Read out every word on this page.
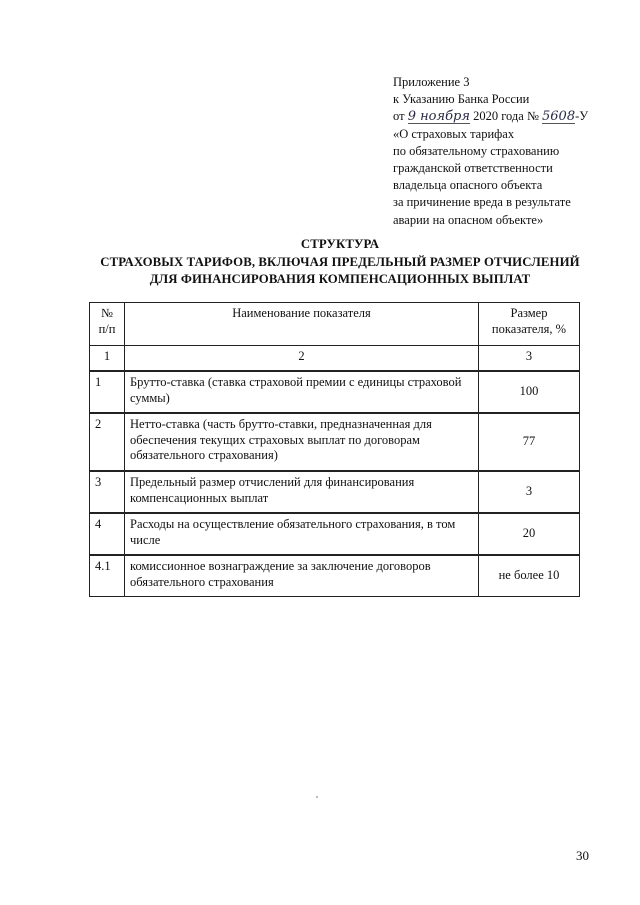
Приложение 3
к Указанию Банка России
от 9 ноября 2020 года № 5608-У
«О страховых тарифах
по обязательному страхованию
гражданской ответственности
владельца опасного объекта
за причинение вреда в результате
аварии на опасном объекте»
СТРУКТУРА
СТРАХОВЫХ ТАРИФОВ, ВКЛЮЧАЯ ПРЕДЕЛЬНЫЙ РАЗМЕР ОТЧИСЛЕНИЙ
ДЛЯ ФИНАНСИРОВАНИЯ КОМПЕНСАЦИОННЫХ ВЫПЛАТ
№ п/п	Наименование показателя	Размер показателя, %
1	2	3
1	Брутто-ставка (ставка страховой премии с единицы страховой суммы)	100
2	Нетто-ставка (часть брутто-ставки, предназначенная для обеспечения текущих страховых выплат по договорам обязательного страхования)	77
3	Предельный размер отчислений для финансирования компенсационных выплат	3
4	Расходы на осуществление обязательного страхования, в том числе	20
4.1	комиссионное вознаграждение за заключение договоров обязательного страхования	не более 10
30
